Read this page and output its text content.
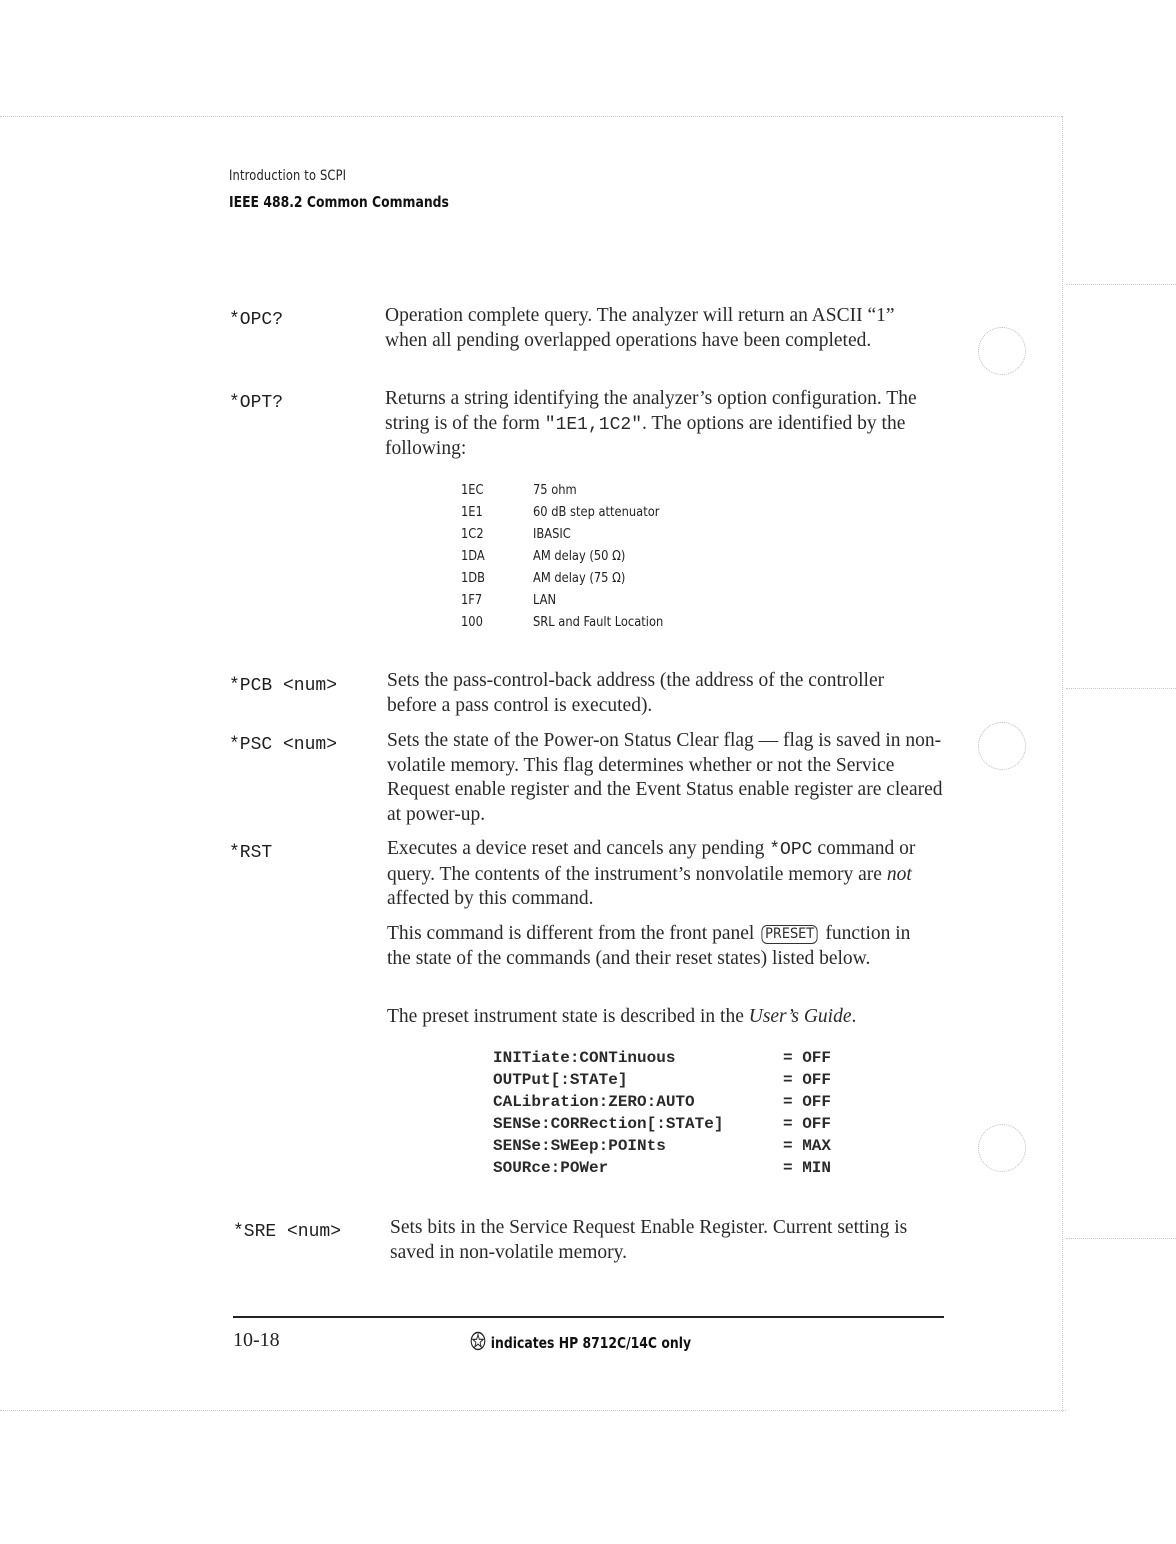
Introduction to SCPI
IEEE 488.2 Common Commands
*OPC?	Operation complete query. The analyzer will return an ASCII “1” when all pending overlapped operations have been completed.
*OPT?	Returns a string identifying the analyzer’s option configuration. The string is of the form "1E1,1C2". The options are identified by the following:
1EC	75 ohm
1E1	60 dB step attenuator
1C2	IBASIC
1DA	AM delay (50 Ω)
1DB	AM delay (75 Ω)
1F7	LAN
100	SRL and Fault Location
*PCB <num>	Sets the pass-control-back address (the address of the controller before a pass control is executed).
*PSC <num>	Sets the state of the Power-on Status Clear flag — flag is saved in non-volatile memory. This flag determines whether or not the Service Request enable register and the Event Status enable register are cleared at power-up.
*RST	Executes a device reset and cancels any pending *OPC command or query. The contents of the instrument’s nonvolatile memory are not affected by this command.
This command is different from the front panel PRESET function in the state of the commands (and their reset states) listed below.
The preset instrument state is described in the User’s Guide.
INITiate:CONTinuous	= OFF
OUTPut[:STATe]	= OFF
CALibration:ZERO:AUTO	= OFF
SENSe:CORRection[:STATe]	= OFF
SENSe:SWEep:POINts	= MAX
SOURce:POWer	= MIN
*SRE <num>	Sets bits in the Service Request Enable Register. Current setting is saved in non-volatile memory.
10-18	indicates HP 8712C/14C only
